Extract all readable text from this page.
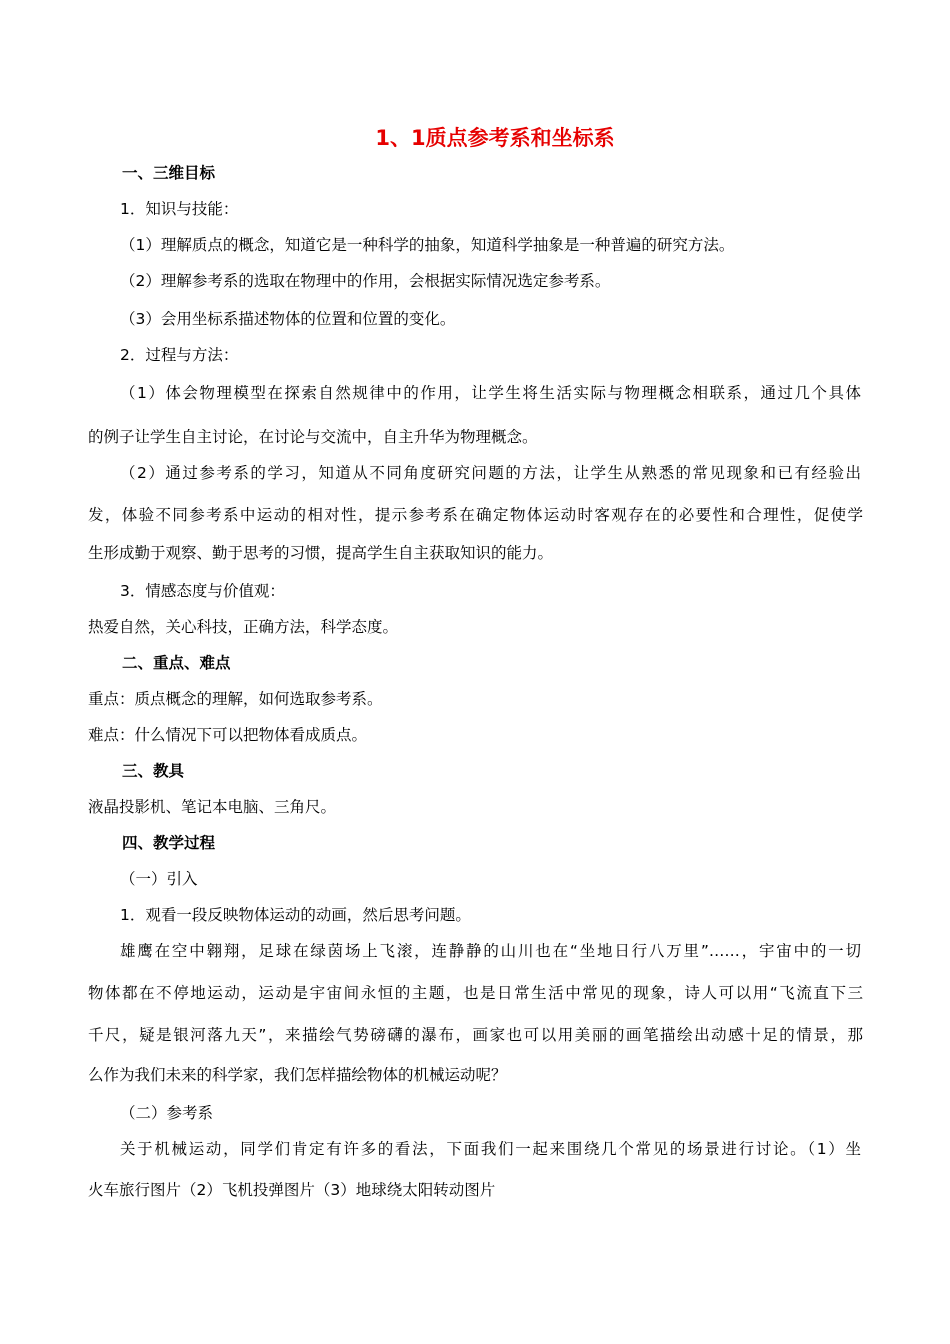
1、1质点参考系和坐标系
一、三维目标
1．知识与技能：
（1）理解质点的概念，知道它是一种科学的抽象，知道科学抽象是一种普遍的研究方法。
（2）理解参考系的选取在物理中的作用，会根据实际情况选定参考系。
（3）会用坐标系描述物体的位置和位置的变化。
2．过程与方法：
（1）体会物理模型在探索自然规律中的作用，让学生将生活实际与物理概念相联系，通过几个具体
的例子让学生自主讨论，在讨论与交流中，自主升华为物理概念。
（2）通过参考系的学习，知道从不同角度研究问题的方法，让学生从熟悉的常见现象和已有经验出
发，体验不同参考系中运动的相对性，提示参考系在确定物体运动时客观存在的必要性和合理性，促使学
生形成勤于观察、勤于思考的习惯，提高学生自主获取知识的能力。
3．情感态度与价值观：
热爱自然，关心科技，正确方法，科学态度。
二、重点、难点
重点：质点概念的理解，如何选取参考系。
难点：什么情况下可以把物体看成质点。
三、教具
液晶投影机、笔记本电脑、三角尺。
四、教学过程
（一）引入
1．观看一段反映物体运动的动画，然后思考问题。
雄鹰在空中翱翔，足球在绿茵场上飞滚，连静静的山川也在“坐地日行八万里”……，宇宙中的一切
物体都在不停地运动，运动是宇宙间永恒的主题，也是日常生活中常见的现象，诗人可以用“飞流直下三
千尺，疑是银河落九天”，来描绘气势磅礴的瀑布，画家也可以用美丽的画笔描绘出动感十足的情景，那
么作为我们未来的科学家，我们怎样描绘物体的机械运动呢？
（二）参考系
关于机械运动，同学们肯定有许多的看法，下面我们一起来围绕几个常见的场景进行讨论。（1）坐
火车旅行图片（2）飞机投弹图片（3）地球绕太阳转动图片
